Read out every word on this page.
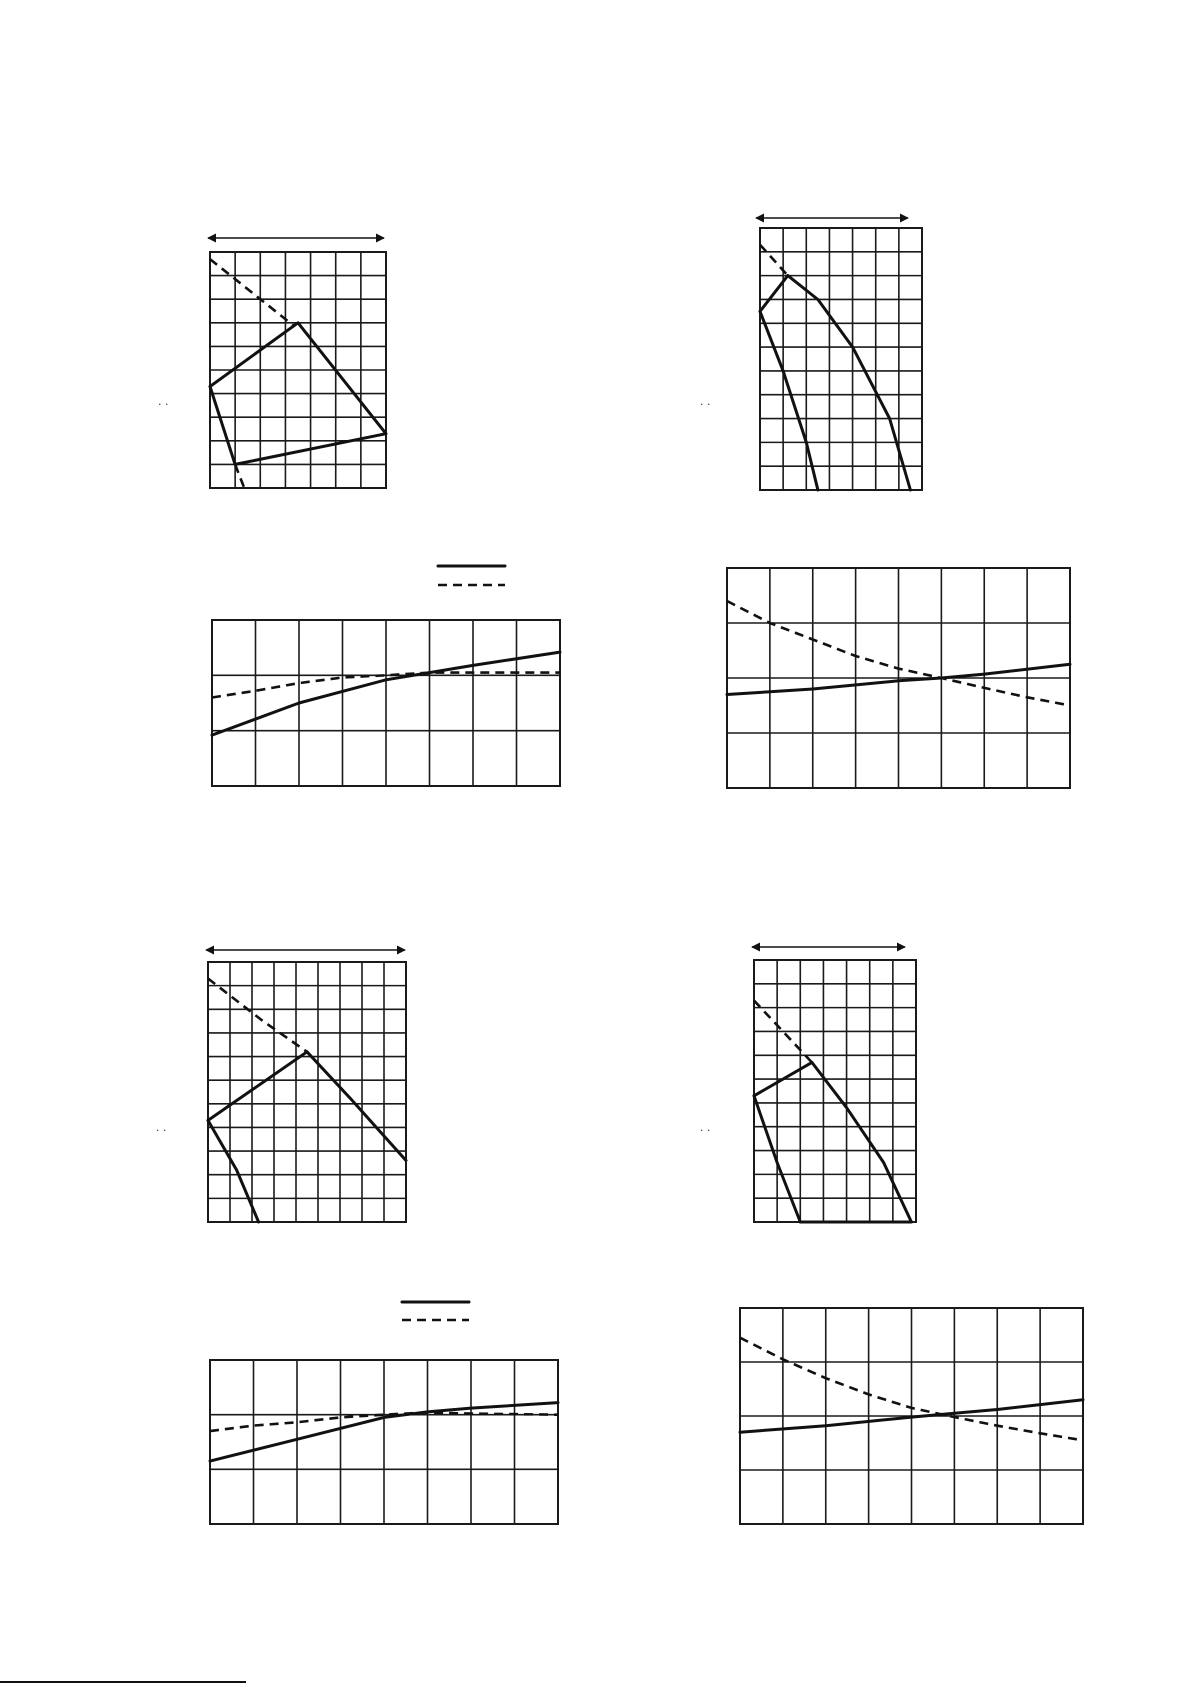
· ·	· ·
· ·	· ·
